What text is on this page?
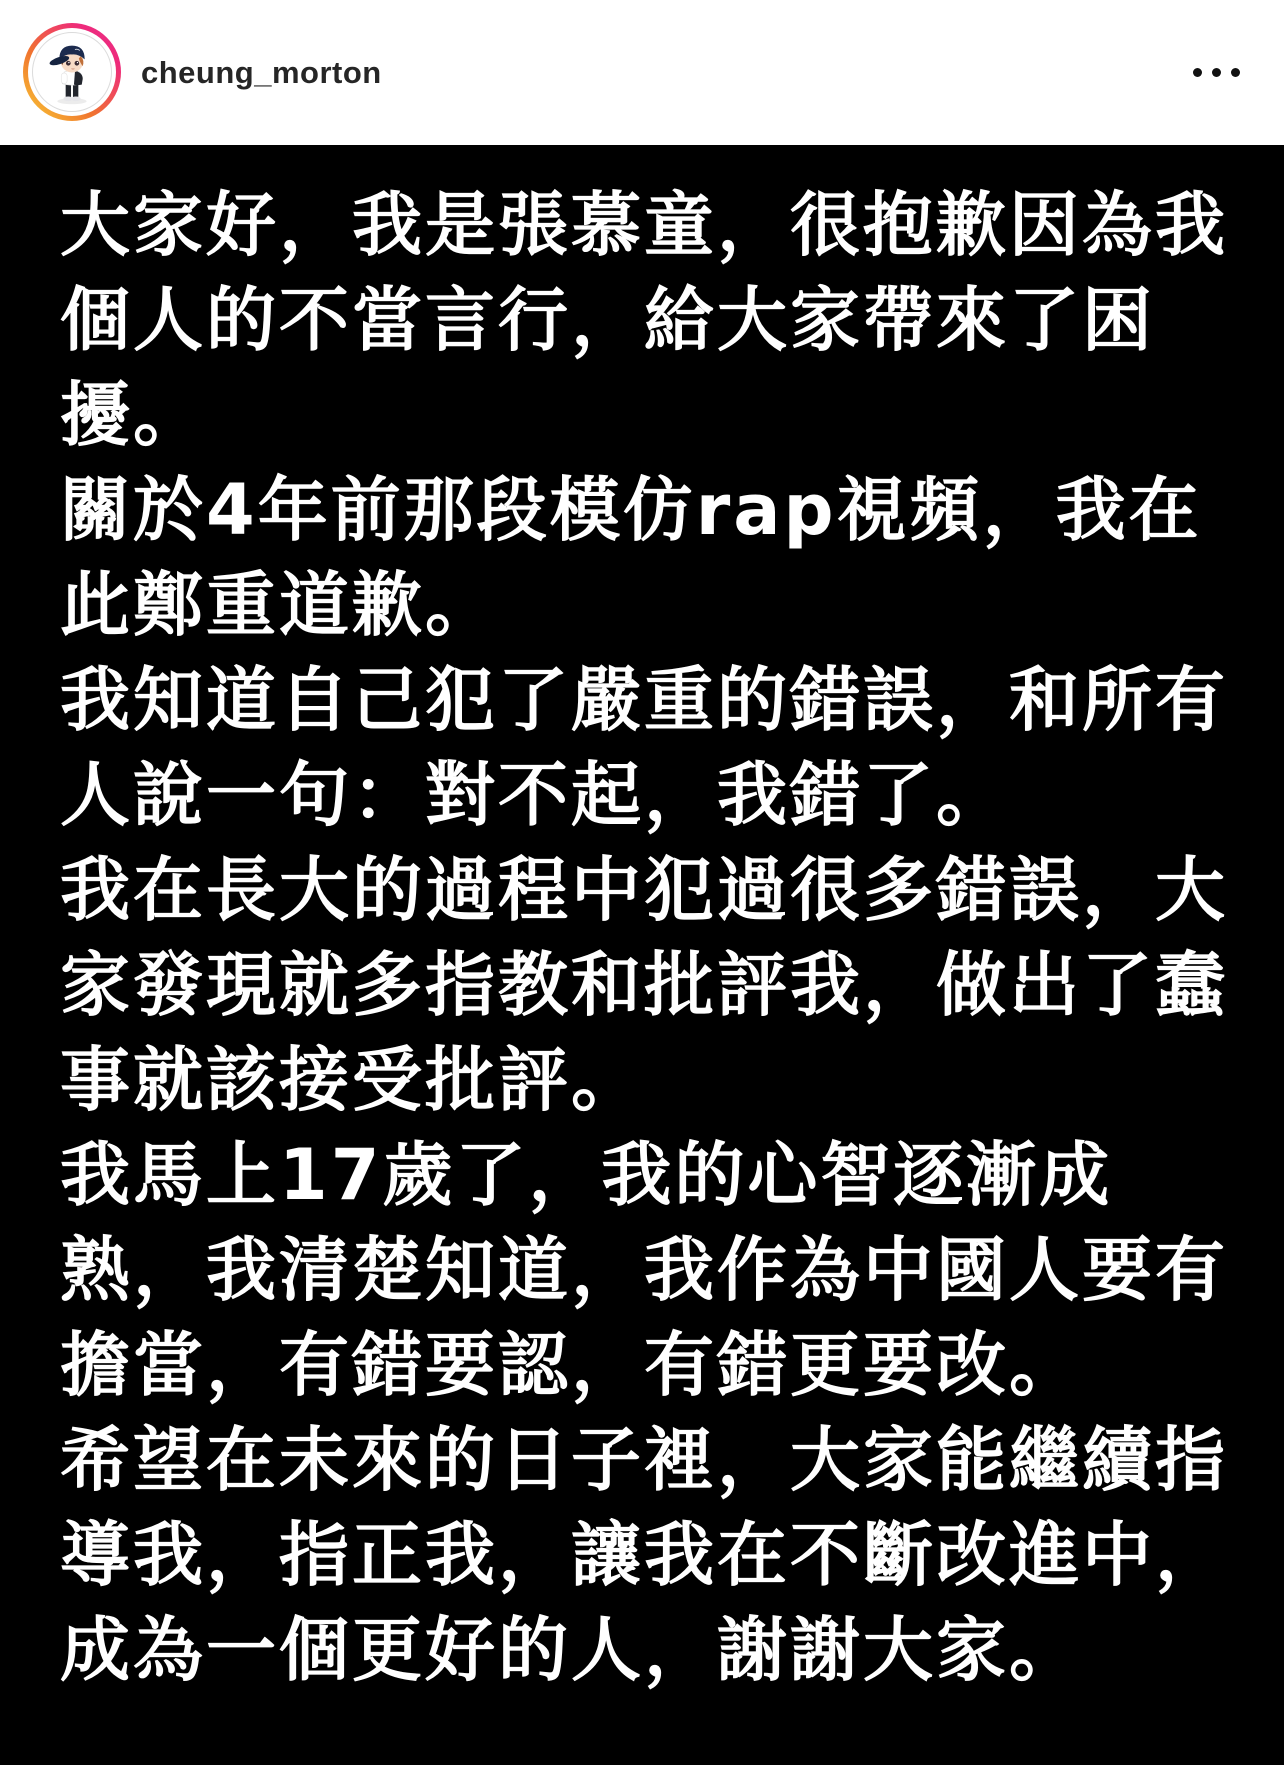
cheung_morton
大家好，我是張慕童，很抱歉因為我
個人的不當言行，給大家帶來了困
擾。
關於4年前那段模仿rap視頻，我在
此鄭重道歉。
我知道自己犯了嚴重的錯誤，和所有
人說一句：對不起，我錯了。
我在長大的過程中犯過很多錯誤，大
家發現就多指教和批評我，做出了蠢
事就該接受批評。
我馬上17歲了，我的心智逐漸成
熟，我清楚知道，我作為中國人要有
擔當，有錯要認，有錯更要改。
希望在未來的日子裡，大家能繼續指
導我，指正我，讓我在不斷改進中，
成為一個更好的人，謝謝大家。
